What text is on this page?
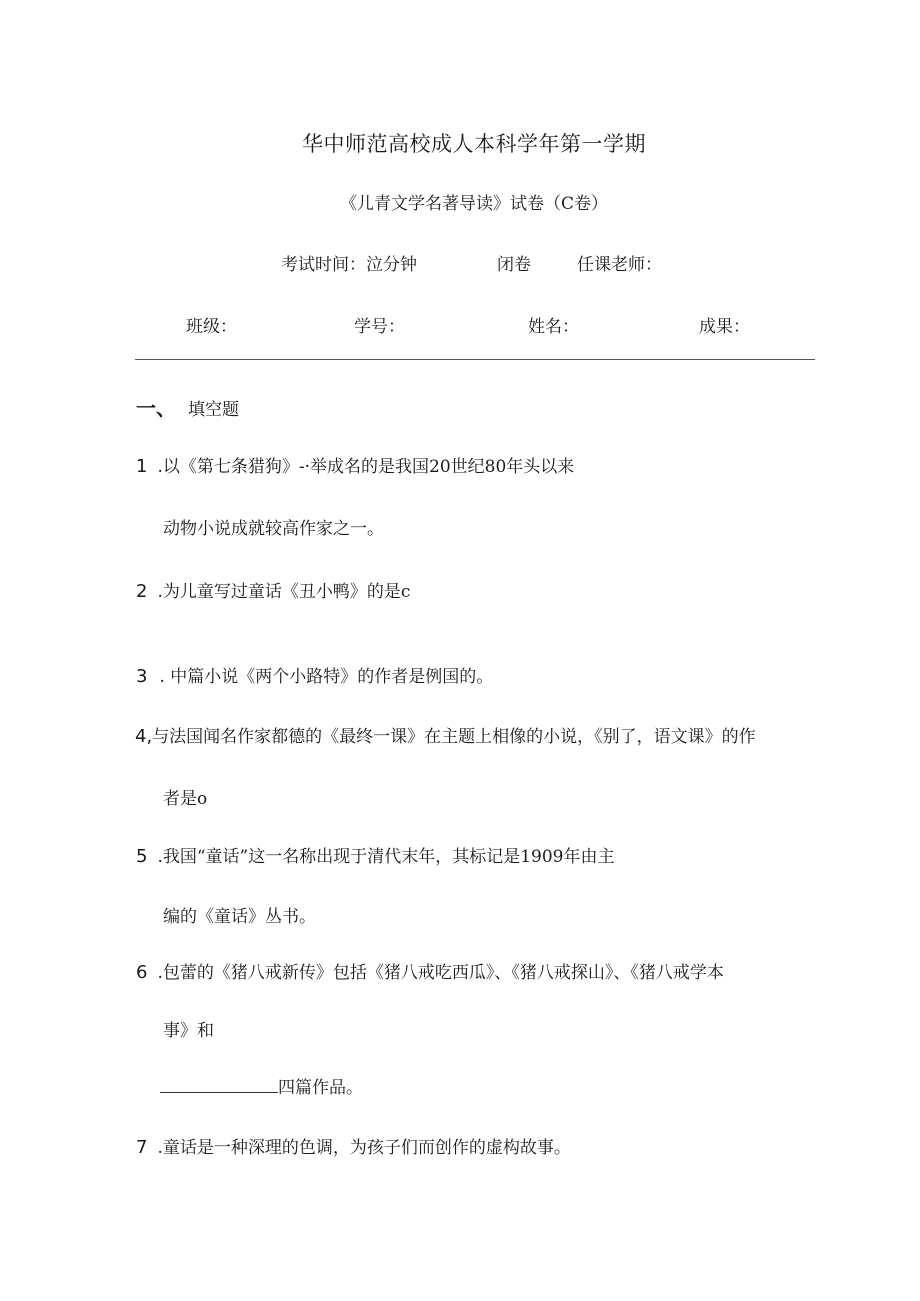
华中师范高校成人本科学年第一学期
《儿青文学名著导读》试卷（C卷）
考试时间：泣分钟	闭卷	任课老师：
班级：	学号：	姓名：	成果：
一、 填空题
1 .以《第七条猎狗》-·举成名的是我国20世纪80年头以来
动物小说成就较高作家之一。
2 .为儿童写过童话《丑小鸭》的是c
3 . 中篇小说《两个小路特》的作者是例国的。
4,与法国闻名作家都德的《最终一课》在主题上相像的小说，《别了，语文课》的作
者是o
5 .我国“童话”这一名称出现于清代末年，其标记是1909年由主
编的《童话》丛书。
6 .包蕾的《猪八戒新传》包括《猪八戒吃西瓜》、《猪八戒探山》、《猪八戒学本
事》和
四篇作品。
7 .童话是一种深理的色调，为孩子们而创作的虚构故事。
